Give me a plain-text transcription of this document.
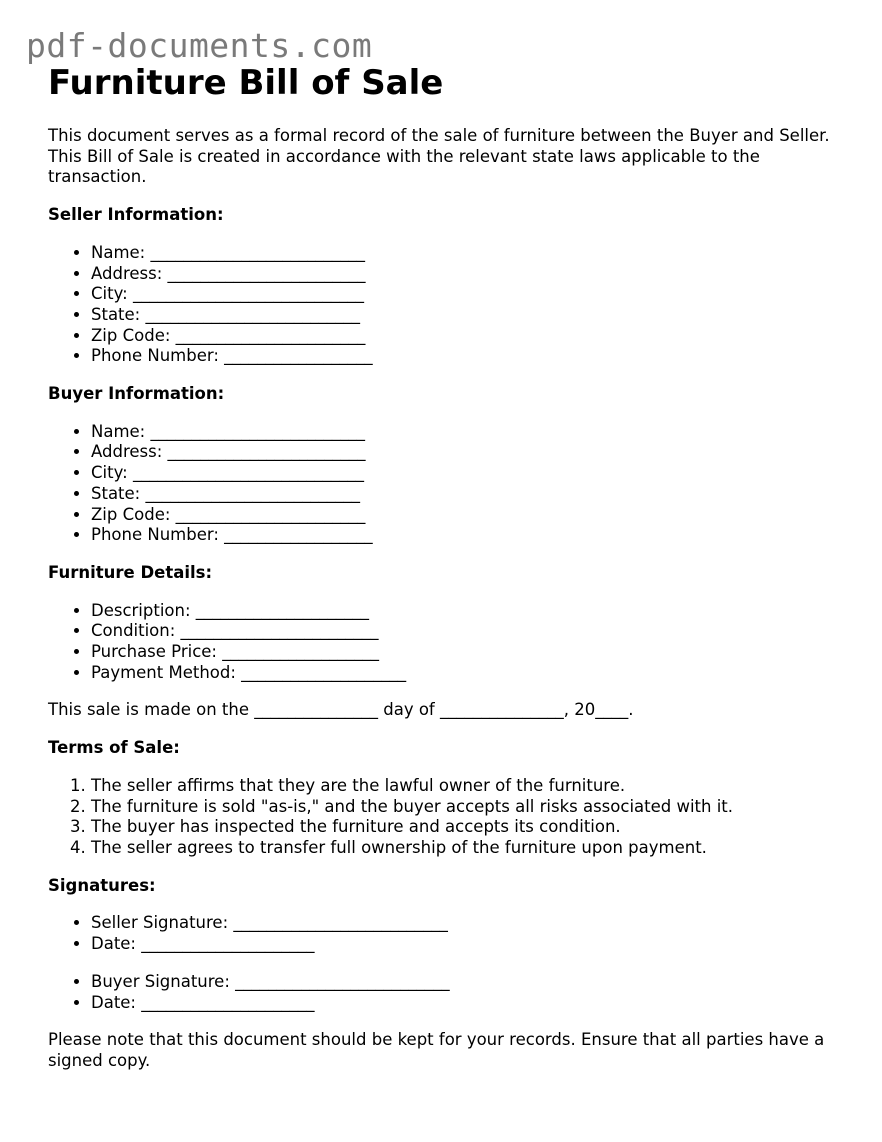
pdf-documents.com
Furniture Bill of Sale

This document serves as a formal record of the sale of furniture between the Buyer and Seller. This Bill of Sale is created in accordance with the relevant state laws applicable to the transaction.

Seller Information:
• Name: __________________________
• Address: ________________________
• City: ____________________________
• State: __________________________
• Zip Code: _______________________
• Phone Number: __________________
Buyer Information:
• Name: __________________________
• Address: ________________________
• City: ____________________________
• State: __________________________
• Zip Code: _______________________
• Phone Number: __________________
Furniture Details:
• Description: _____________________
• Condition: ________________________
• Purchase Price: ___________________
• Payment Method: ____________________

This sale is made on the _______________ day of _______________, 20____.

Terms of Sale:
1. The seller affirms that they are the lawful owner of the furniture.
2. The furniture is sold "as-is," and the buyer accepts all risks associated with it.
3. The buyer has inspected the furniture and accepts its condition.
4. The seller agrees to transfer full ownership of the furniture upon payment.
Signatures:
• Seller Signature: __________________________
• Date: _____________________
• Buyer Signature: __________________________
• Date: _____________________

Please note that this document should be kept for your records. Ensure that all parties have a signed copy.
